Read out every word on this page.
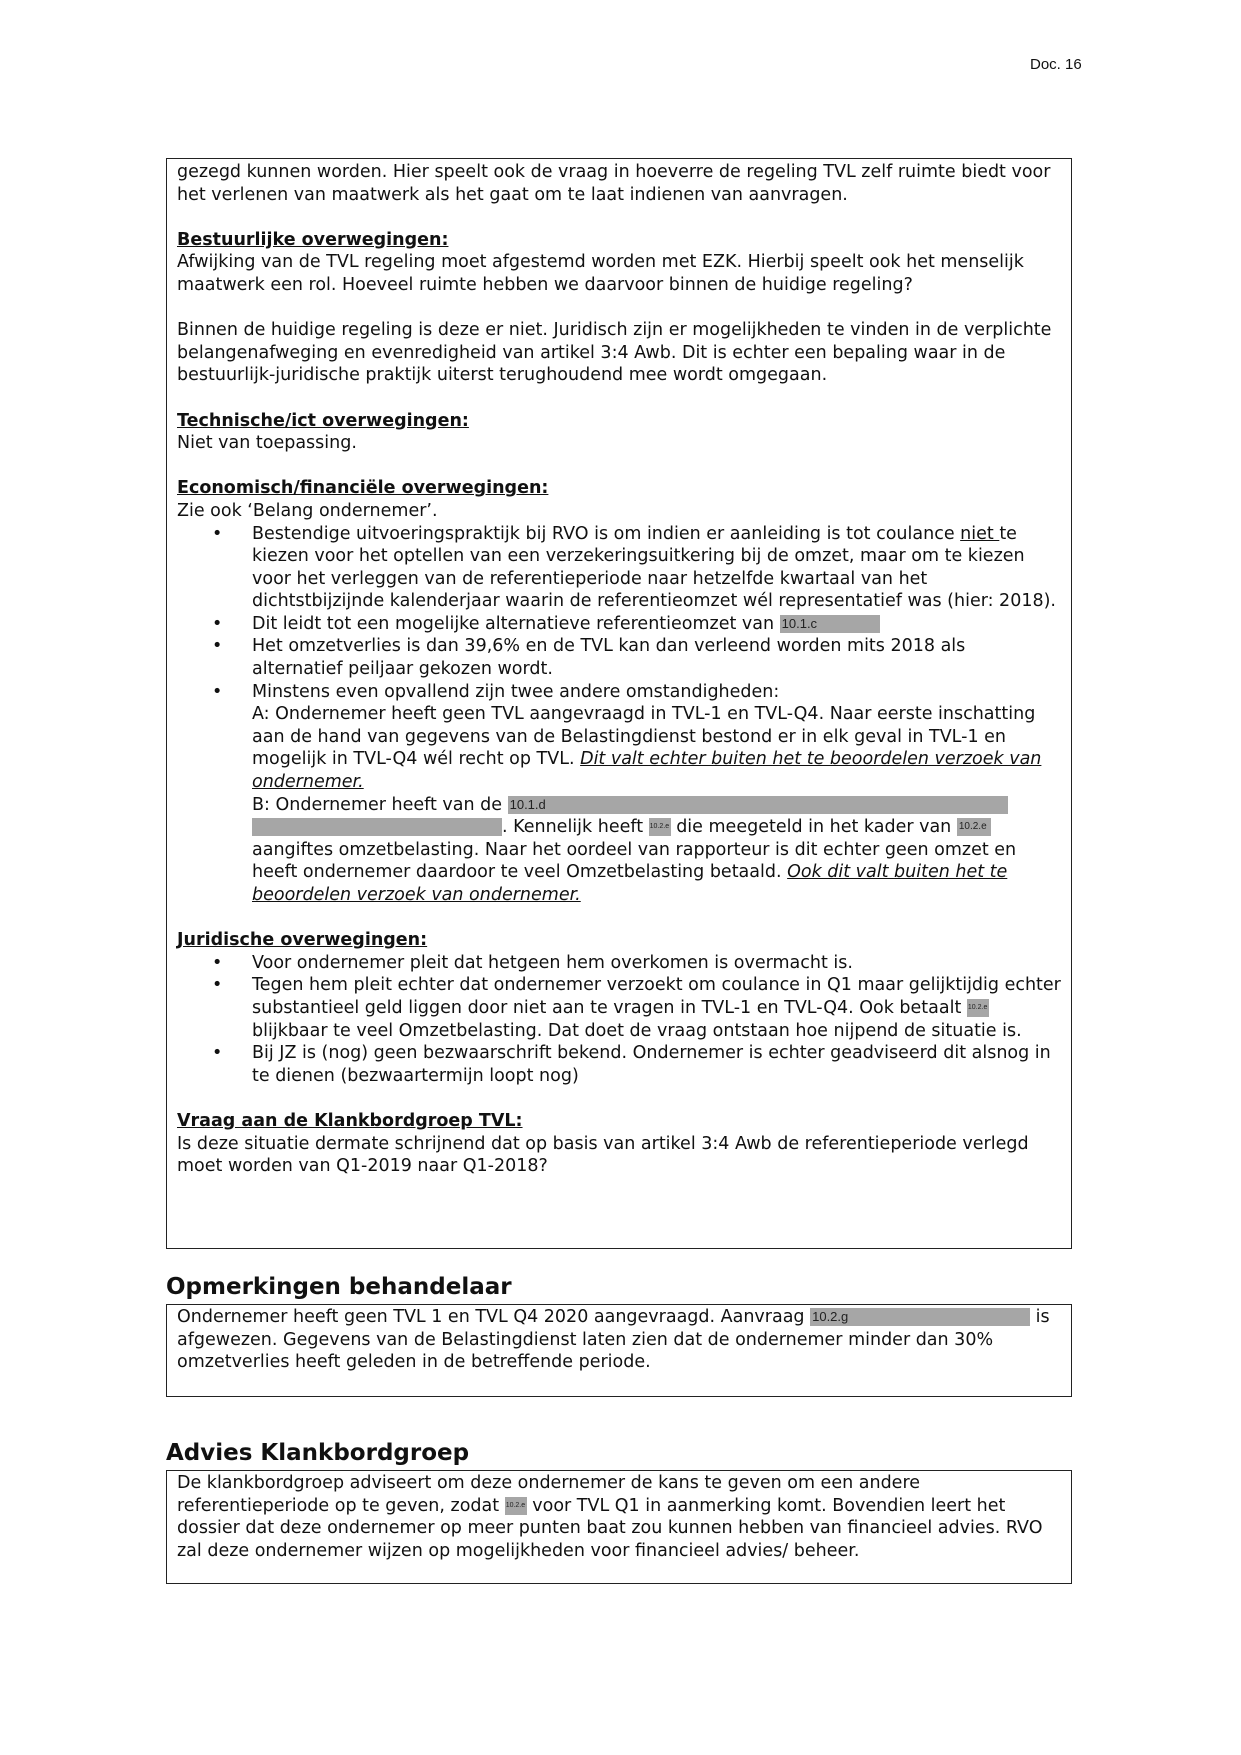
Doc. 16

gezegd kunnen worden. Hier speelt ook de vraag in hoeverre de regeling TVL zelf ruimte biedt voor het verlenen van maatwerk als het gaat om te laat indienen van aanvragen.

Bestuurlijke overwegingen:

Afwijking van de TVL regeling moet afgestemd worden met EZK. Hierbij speelt ook het menselijk maatwerk een rol. Hoeveel ruimte hebben we daarvoor binnen de huidige regeling?

Binnen de huidige regeling is deze er niet. Juridisch zijn er mogelijkheden te vinden in de verplichte belangenafweging en evenredigheid van artikel 3:4 Awb. Dit is echter een bepaling waar in de bestuurlijk-juridische praktijk uiterst terughoudend mee wordt omgegaan.

Technische/ict overwegingen:

Niet van toepassing.

Economisch/financiële overwegingen:

Zie ook ‘Belang ondernemer’.

• Bestendige uitvoeringspraktijk bij RVO is om indien er aanleiding is tot coulance niet te kiezen voor het optellen van een verzekeringsuitkering bij de omzet, maar om te kiezen voor het verleggen van de referentieperiode naar hetzelfde kwartaal van het dichtstbijzijnde kalenderjaar waarin de referentieomzet wél representatief was (hier: 2018).
• Dit leidt tot een mogelijke alternatieve referentieomzet van 10.1.c
• Het omzetverlies is dan 39,6% en de TVL kan dan verleend worden mits 2018 als alternatief peiljaar gekozen wordt.
• Minstens even opvallend zijn twee andere omstandigheden:
A: Ondernemer heeft geen TVL aangevraagd in TVL-1 en TVL-Q4. Naar eerste inschatting aan de hand van gegevens van de Belastingdienst bestond er in elk geval in TVL-1 en mogelijk in TVL-Q4 wél recht op TVL. Dit valt echter buiten het te beoordelen verzoek van ondernemer.
B: Ondernemer heeft van de 10.1.d
. Kennelijk heeft 10.2.e die meegeteld in het kader van 10.2.e aangiftes omzetbelasting. Naar het oordeel van rapporteur is dit echter geen omzet en heeft ondernemer daardoor te veel Omzetbelasting betaald. Ook dit valt buiten het te beoordelen verzoek van ondernemer.

Juridische overwegingen:

• Voor ondernemer pleit dat hetgeen hem overkomen is overmacht is.
• Tegen hem pleit echter dat ondernemer verzoekt om coulance in Q1 maar gelijktijdig echter substantieel geld liggen door niet aan te vragen in TVL-1 en TVL-Q4. Ook betaalt 10.2.e blijkbaar te veel Omzetbelasting. Dat doet de vraag ontstaan hoe nijpend de situatie is.
• Bij JZ is (nog) geen bezwaarschrift bekend. Ondernemer is echter geadviseerd dit alsnog in te dienen (bezwaartermijn loopt nog)

Vraag aan de Klankbordgroep TVL:

Is deze situatie dermate schrijnend dat op basis van artikel 3:4 Awb de referentieperiode verlegd moet worden van Q1-2019 naar Q1-2018?

Opmerkingen behandelaar

Ondernemer heeft geen TVL 1 en TVL Q4 2020 aangevraagd. Aanvraag 10.2.g	is afgewezen. Gegevens van de Belastingdienst laten zien dat de ondernemer minder dan 30% omzetverlies heeft geleden in de betreffende periode.

Advies Klankbordgroep

De klankbordgroep adviseert om deze ondernemer de kans te geven om een andere referentieperiode op te geven, zodat 10.2.e voor TVL Q1 in aanmerking komt. Bovendien leert het dossier dat deze ondernemer op meer punten baat zou kunnen hebben van financieel advies. RVO zal deze ondernemer wijzen op mogelijkheden voor financieel advies/ beheer.
